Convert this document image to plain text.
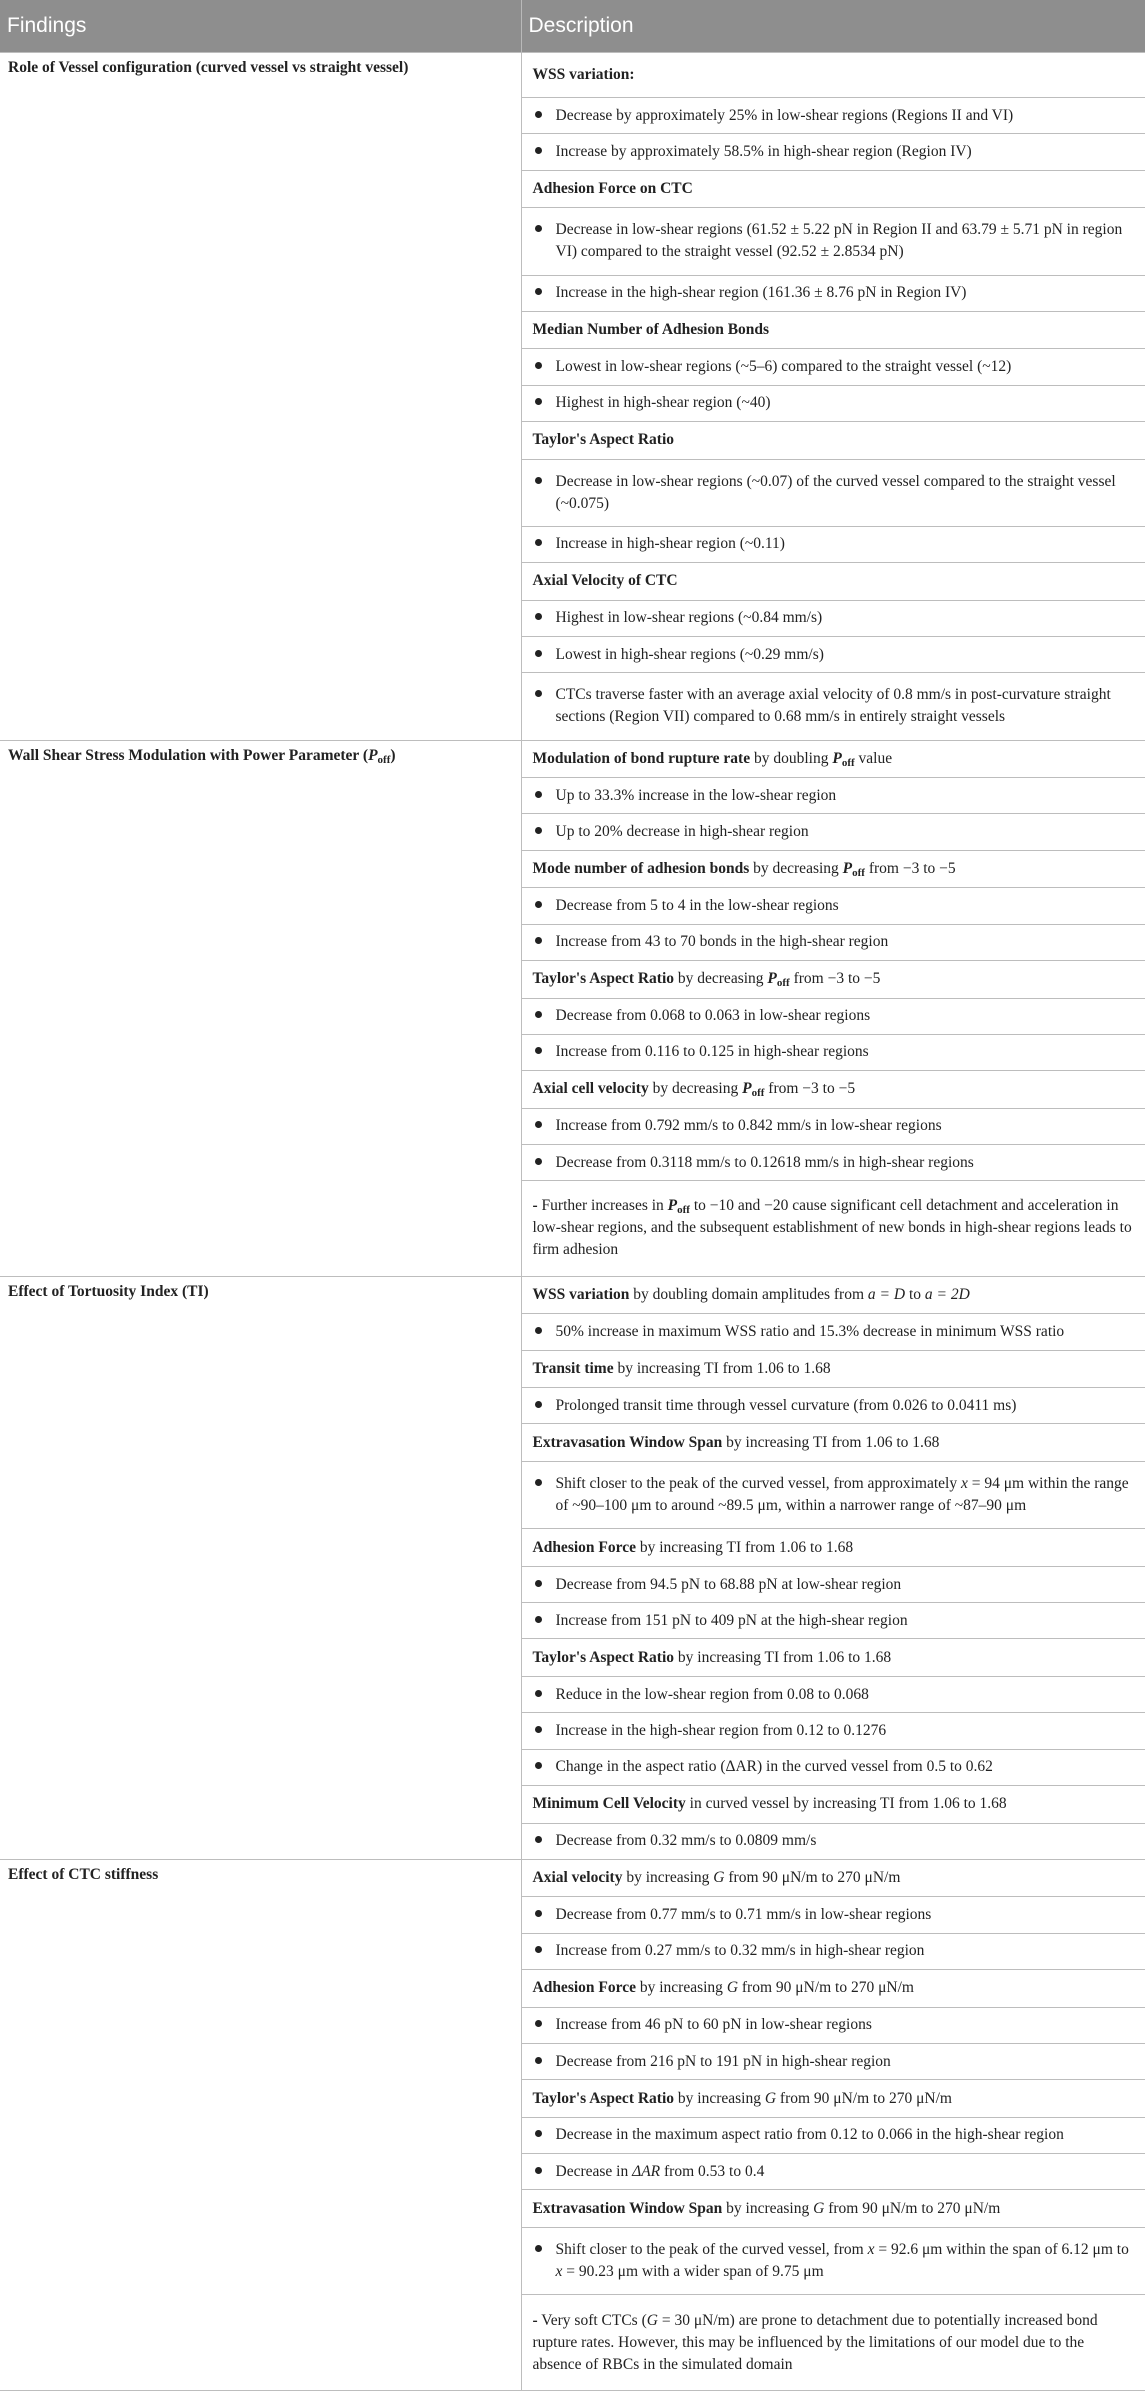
Findings	Description
Role of Vessel configuration (curved vessel vs straight vessel)	WSS variation:
	Decrease by approximately 25% in low-shear regions (Regions II and VI)
	Increase by approximately 58.5% in high-shear region (Region IV)
	Adhesion Force on CTC
	Decrease in low-shear regions (61.52 ± 5.22 pN in Region II and 63.79 ± 5.71 pN in region VI) compared to the straight vessel (92.52 ± 2.8534 pN)
	Increase in the high-shear region (161.36 ± 8.76 pN in Region IV)
	Median Number of Adhesion Bonds
	Lowest in low-shear regions (~5–6) compared to the straight vessel (~12)
	Highest in high-shear region (~40)
	Taylor's Aspect Ratio
	Decrease in low-shear regions (~0.07) of the curved vessel compared to the straight vessel (~0.075)
	Increase in high-shear region (~0.11)
	Axial Velocity of CTC
	Highest in low-shear regions (~0.84 mm/s)
	Lowest in high-shear regions (~0.29 mm/s)
	CTCs traverse faster with an average axial velocity of 0.8 mm/s in post-curvature straight sections (Region VII) compared to 0.68 mm/s in entirely straight vessels
Wall Shear Stress Modulation with Power Parameter $(P_{off})$	Modulation of bond rupture rate by doubling $P_{off}$ value
	Up to 33.3% increase in the low-shear region
	Up to 20% decrease in high-shear region
	Mode number of adhesion bonds by decreasing $P_{off}$ from −3 to −5
	Decrease from 5 to 4 in the low-shear regions
	Increase from 43 to 70 bonds in the high-shear region
	Taylor's Aspect Ratio by decreasing $P_{off}$ from −3 to −5
	Decrease from 0.068 to 0.063 in low-shear regions
	Increase from 0.116 to 0.125 in high-shear regions
	Axial cell velocity by decreasing $P_{off}$ from −3 to −5
	Increase from 0.792 mm/s to 0.842 mm/s in low-shear regions
	Decrease from 0.3118 mm/s to 0.12618 mm/s in high-shear regions
	- Further increases in $P_{off}$ to −10 and −20 cause significant cell detachment and acceleration in low-shear regions, and the subsequent establishment of new bonds in high-shear regions leads to firm adhesion
Effect of Tortuosity Index (TI)	WSS variation by doubling domain amplitudes from a = D to a = 2D
	50% increase in maximum WSS ratio and 15.3% decrease in minimum WSS ratio
	Transit time by increasing TI from 1.06 to 1.68
	Prolonged transit time through vessel curvature (from 0.026 to 0.0411 ms)
	Extravasation Window Span by increasing TI from 1.06 to 1.68
	Shift closer to the peak of the curved vessel, from approximately x = 94 μm within the range of ~90–100 μm to around ~89.5 μm, within a narrower range of ~87–90 μm
	Adhesion Force by increasing TI from 1.06 to 1.68
	Decrease from 94.5 pN to 68.88 pN at low-shear region
	Increase from 151 pN to 409 pN at the high-shear region
	Taylor's Aspect Ratio by increasing TI from 1.06 to 1.68
	Reduce in the low-shear region from 0.08 to 0.068
	Increase in the high-shear region from 0.12 to 0.1276
	Change in the aspect ratio (ΔAR) in the curved vessel from 0.5 to 0.62
	Minimum Cell Velocity in curved vessel by increasing TI from 1.06 to 1.68
	Decrease from 0.32 mm/s to 0.0809 mm/s
Effect of CTC stiffness	Axial velocity by increasing G from 90 μN/m to 270 μN/m
	Decrease from 0.77 mm/s to 0.71 mm/s in low-shear regions
	Increase from 0.27 mm/s to 0.32 mm/s in high-shear region
	Adhesion Force by increasing G from 90 μN/m to 270 μN/m
	Increase from 46 pN to 60 pN in low-shear regions
	Decrease from 216 pN to 191 pN in high-shear region
	Taylor's Aspect Ratio by increasing G from 90 μN/m to 270 μN/m
	Decrease in the maximum aspect ratio from 0.12 to 0.066 in the high-shear region
	Decrease in ΔAR from 0.53 to 0.4
	Extravasation Window Span by increasing G from 90 μN/m to 270 μN/m
	Shift closer to the peak of the curved vessel, from x = 92.6 μm within the span of 6.12 μm to x = 90.23 μm with a wider span of 9.75 μm
	- Very soft CTCs (G = 30 μN/m) are prone to detachment due to potentially increased bond rupture rates. However, this may be influenced by the limitations of our model due to the absence of RBCs in the simulated domain
